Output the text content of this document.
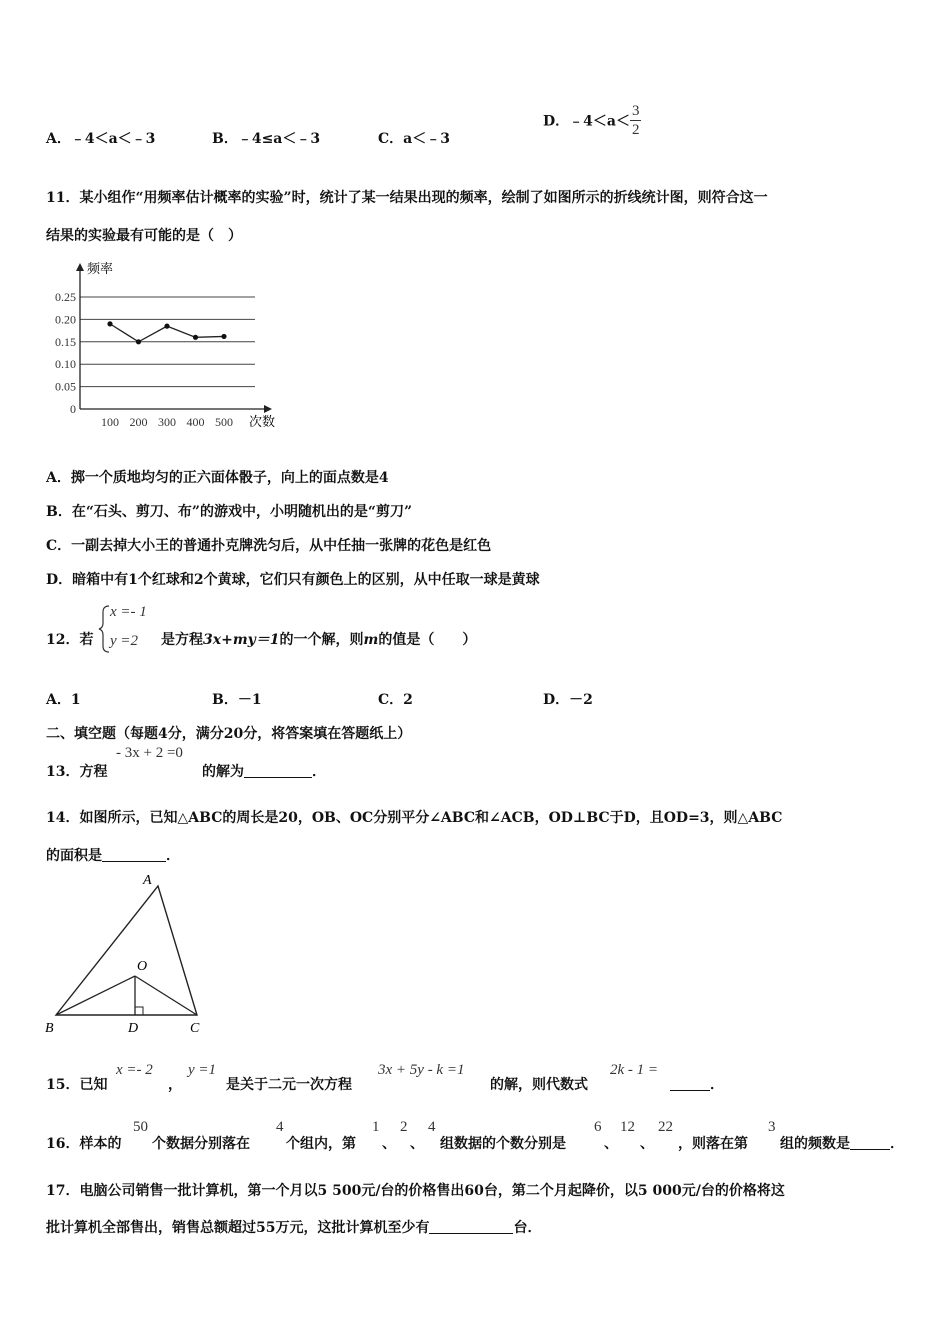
A．﹣4＜a＜﹣3	B．﹣4≤a＜﹣3	C．a＜﹣3
D．﹣4＜a＜ $\frac{3}{2}$
11．某小组作“用频率估计概率的实验”时，统计了某一结果出现的频率，绘制了如图所示的折线统计图，则符合这一
结果的实验最有可能的是（　）
0.25
0.20
0.15
0.10
0.05
0
100 200 300 400 500
频率
次数
A．掷一个质地均匀的正六面体骰子，向上的面点数是4
B．在“石头、剪刀、布”的游戏中，小明随机出的是“剪刀”
C．一副去掉大小王的普通扑克牌洗匀后，从中任抽一张牌的花色是红色
D．暗箱中有1个红球和2个黄球，它们只有颜色上的区别，从中任取一球是黄球
12．若
x =- 1
y =2 是方程3x+my＝1的一个解，则m的值是（　　）
A．1	B．－1	C．2	D．－2
二、填空题（每题4分，满分20分，将答案填在答题纸上）
13．方程
- 3x + 2 =0
的解为	．
14．如图所示，已知△ABC的周长是20，OB、OC分别平分∠ABC和∠ACB，OD⊥BC于D，且OD=3，则△ABC
的面积是	．
A
O
B	D	C
15．已知
x =- 2
，
y =1
是关于二元一次方程
3x + 5y - k =1
的解，则代数式
2k - 1 =
．
16．样本的
50
个数据分别落在
4
个组内，第
1
、
2
、
4
组数据的个数分别是
6
、
12
、
22
，则落在第
3
组的频数是	．
17．电脑公司销售一批计算机，第一个月以5 500元/台的价格售出60台，第二个月起降价，以5 000元/台的价格将这
批计算机全部售出，销售总额超过55万元，这批计算机至少有	台．
